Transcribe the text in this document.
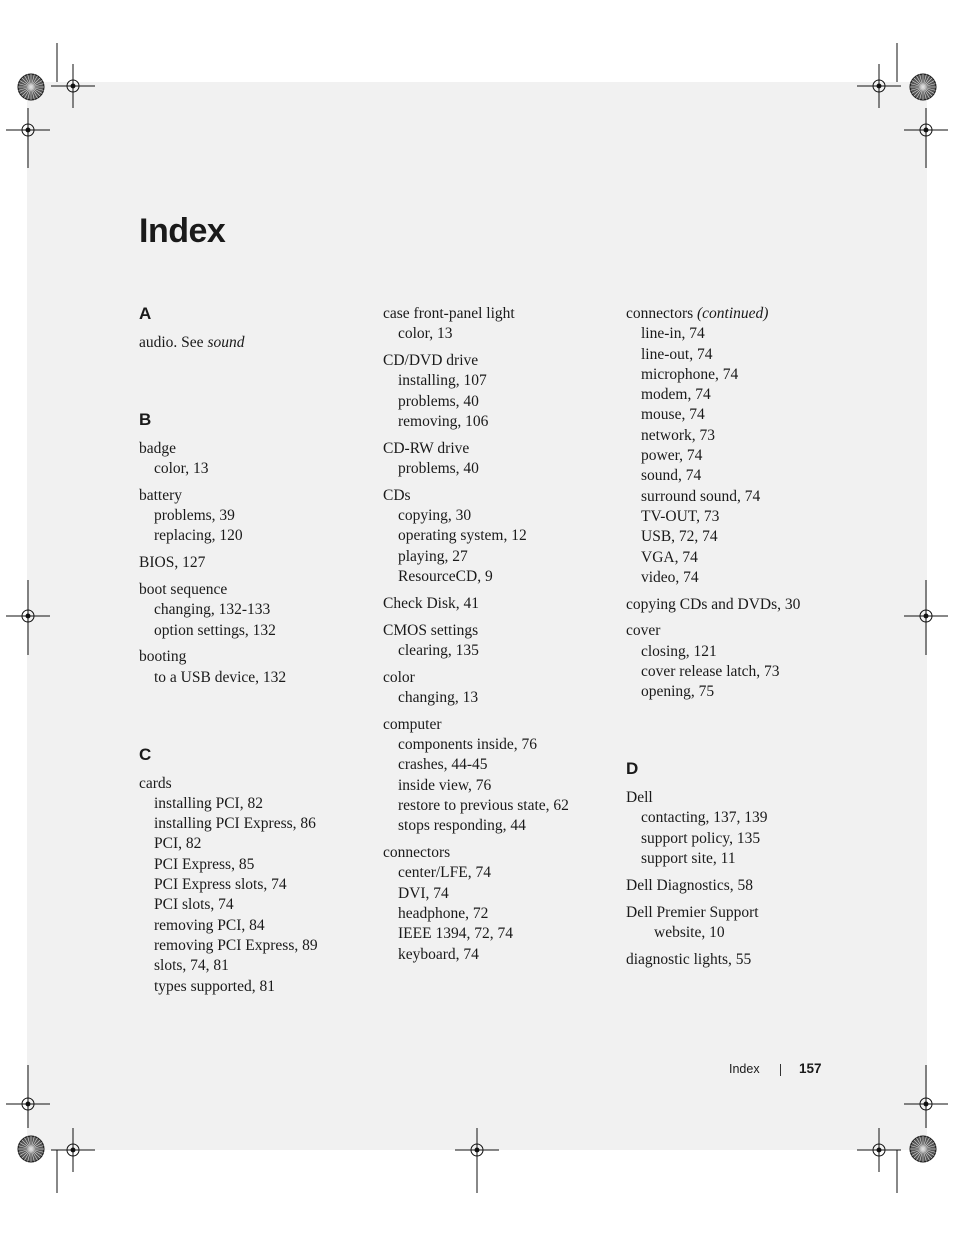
Index
A
audio. See sound
B
badge
color, 13
battery
problems, 39
replacing, 120
BIOS, 127
boot sequence
changing, 132-133
option settings, 132
booting
to a USB device, 132
C
cards
installing PCI, 82
installing PCI Express, 86
PCI, 82
PCI Express, 85
PCI Express slots, 74
PCI slots, 74
removing PCI, 84
removing PCI Express, 89
slots, 74, 81
types supported, 81
case front-panel light
color, 13
CD/DVD drive
installing, 107
problems, 40
removing, 106
CD-RW drive
problems, 40
CDs
copying, 30
operating system, 12
playing, 27
ResourceCD, 9
Check Disk, 41
CMOS settings
clearing, 135
color
changing, 13
computer
components inside, 76
crashes, 44-45
inside view, 76
restore to previous state, 62
stops responding, 44
connectors
center/LFE, 74
DVI, 74
headphone, 72
IEEE 1394, 72, 74
keyboard, 74
connectors (continued)
line-in, 74
line-out, 74
microphone, 74
modem, 74
mouse, 74
network, 73
power, 74
sound, 74
surround sound, 74
TV-OUT, 73
USB, 72, 74
VGA, 74
video, 74
copying CDs and DVDs, 30
cover
closing, 121
cover release latch, 73
opening, 75
D
Dell
contacting, 137, 139
support policy, 135
support site, 11
Dell Diagnostics, 58
Dell Premier Support
website, 10
diagnostic lights, 55
Index	157
